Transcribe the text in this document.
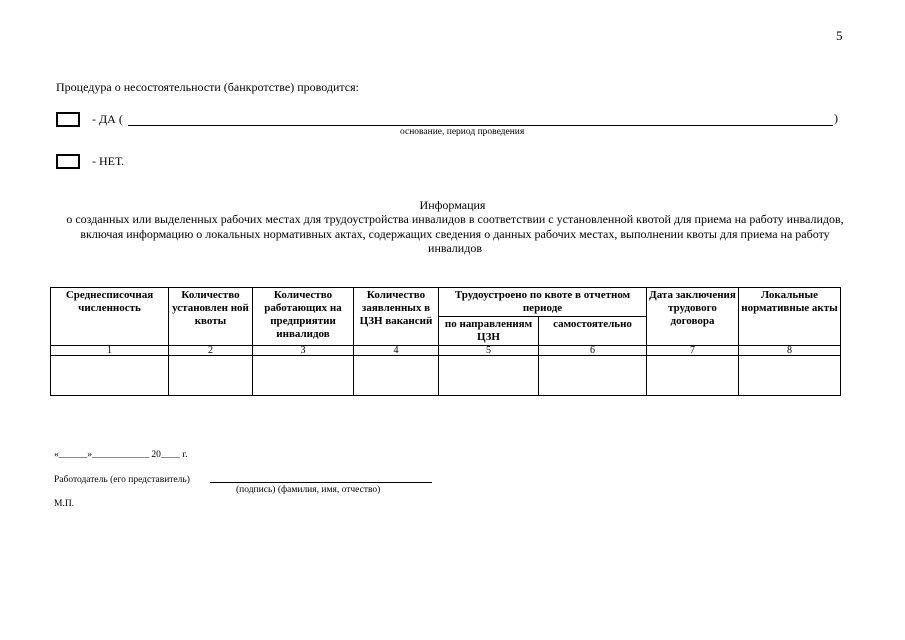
5
Процедура о несостоятельности (банкротстве) проводится:
- ДА (	)
основание, период проведения
- НЕТ.
Информация
о созданных или выделенных рабочих местах для трудоустройства инвалидов в соответствии с установленной квотой для приема на работу инвалидов, включая информацию о локальных нормативных актах, содержащих сведения о данных рабочих местах, выполнении квоты для приема на работу инвалидов
Среднесписочная численность	Количество установлен ной квоты	Количество работающих на предприятии инвалидов	Количество заявленных в ЦЗН вакансий	Трудоустроено по квоте в отчетном периоде		Дата заключения трудового договора	Локальные нормативные акты
				по направлениям ЦЗН	самостоятельно		
1	2	3	4	5	6	7	8

«______»____________ 20____ г.
Работодатель (его представитель)
(подпись) (фамилия, имя, отчество)
М.П.
